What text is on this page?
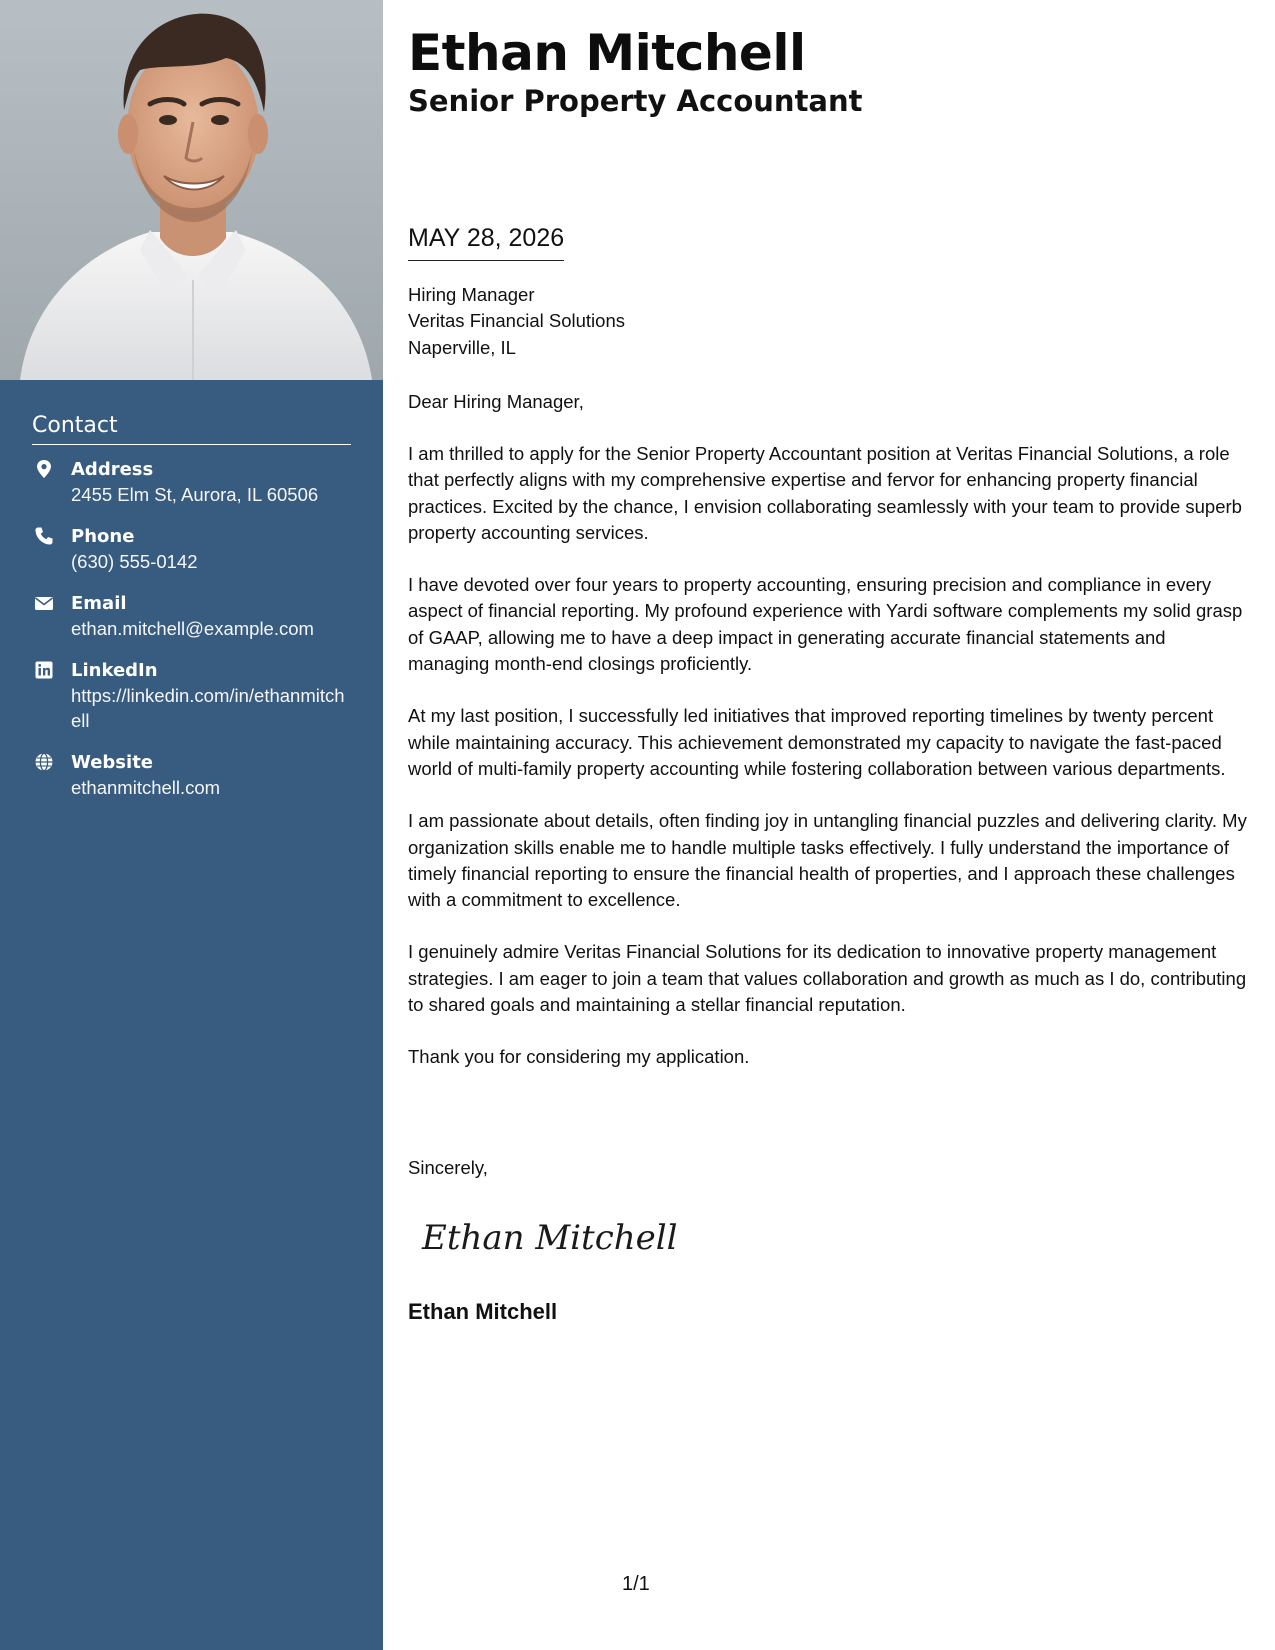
Contact
Address
2455 Elm St, Aurora, IL 60506
Phone
(630) 555-0142
Email
ethan.mitchell@example.com
LinkedIn
https://linkedin.com/in/ethanmitchell
Website
ethanmitchell.com
Ethan Mitchell
Senior Property Accountant
MAY 28, 2026
Hiring Manager
Veritas Financial Solutions
Naperville, IL
Dear Hiring Manager,

I am thrilled to apply for the Senior Property Accountant position at Veritas Financial Solutions, a role that perfectly aligns with my comprehensive expertise and fervor for enhancing property financial practices. Excited by the chance, I envision collaborating seamlessly with your team to provide superb property accounting services.

I have devoted over four years to property accounting, ensuring precision and compliance in every aspect of financial reporting. My profound experience with Yardi software complements my solid grasp of GAAP, allowing me to have a deep impact in generating accurate financial statements and managing month-end closings proficiently.

At my last position, I successfully led initiatives that improved reporting timelines by twenty percent while maintaining accuracy. This achievement demonstrated my capacity to navigate the fast-paced world of multi-family property accounting while fostering collaboration between various departments.

I am passionate about details, often finding joy in untangling financial puzzles and delivering clarity. My organization skills enable me to handle multiple tasks effectively. I fully understand the importance of timely financial reporting to ensure the financial health of properties, and I approach these challenges with a commitment to excellence.

I genuinely admire Veritas Financial Solutions for its dedication to innovative property management strategies. I am eager to join a team that values collaboration and growth as much as I do, contributing to shared goals and maintaining a stellar financial reputation.

Thank you for considering my application.

Sincerely,
Ethan Mitchell
Ethan Mitchell
1/1
